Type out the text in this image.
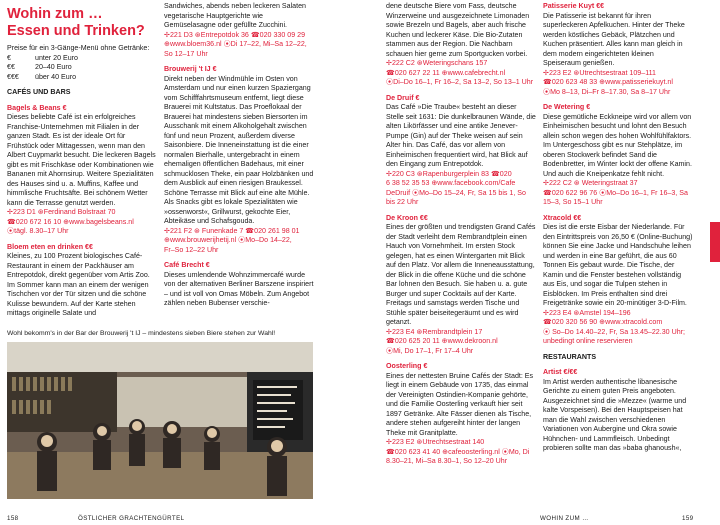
Wohin zum …
Essen und Trinken?

Preise für ein 3-Gänge-Menü ohne Getränke:

€	unter 20 Euro
€€	20–40 Euro
€€€	über 40 Euro

CAFÉS UND BARS

Bagels & Beans €

Dieses beliebte Café ist ein erfolgreiches Franchise-Unternehmen mit Filialen in der ganzen Stadt. Es ist der ideale Ort für Frühstück oder Mittagessen, wenn man den Albert Cuypmarkt besucht. Die leckeren Bagels gibt es mit Frischkäse oder Kombinationen wie Bananen mit Ahornsirup. Weitere Spezialitäten des Hauses sind u. a. Muffins, Kaffee und himmlische Fruchtsäfte. Bei schönem Wetter kann die Terrasse genutzt werden.

✢223 D1 ⊛Ferdinand Bolstraat 70

☎020 672 16 10 ⊕www.bagelsbeans.nl

⦿tägl. 8.30–17 Uhr

Bloem eten en drinken €€

Kleines, zu 100 Prozent biologisches Café-Restaurant in einem der Packhäuser am Entrepotdok, direkt gegenüber vom Artis Zoo. Im Sommer kann man an einem der wenigen Tischchen vor der Tür sitzen und die schöne Kulisse bewundern. Auf der Karte stehen mittags originelle Salate und

Sandwiches, abends neben leckeren Salaten vegetarische Hauptgerichte wie Gemüselasagne oder gefüllte Zucchini.

✢221 D3 ⊛Entrepotdok 36 ☎020 330 09 29

⊕www.bloem36.nl ⦿Di 17–22, Mi–Sa 12–22,

So 12–17 Uhr

Brouwerij 't IJ €

Direkt neben der Windmühle im Osten von Amsterdam und nur einen kurzen Spaziergang vom Schifffahrtsmuseum entfernt, liegt diese Brauerei mit Kultstatus. Das Proeflokaal der Brauerei hat mindestens sieben Biersorten im Ausschank mit einem Alkoholgehalt zwischen fünf und neun Prozent, außerdem diverse Saisonbiere. Die Inneneinstattung ist die einer normalen Bierhalle, untergebracht in einem ehemaligen öffentlichen Badehaus, mit einer schmucklosen Theke, ein paar Holzbänken und dem Ausblick auf einen riesigen Braukessel. Schöne Terrasse mit Blick auf eine alte Mühle. Als Snacks gibt es lokale Spezialitäten wie »ossenworst«, Grillwurst, gekochte Eier, Abteikäse und Schafsgouda.

✢221 F2 ⊛ Funenkade 7 ☎020 261 98 01

⊕www.brouwerijhetij.nl ⦿Mo–Do 14–22,

Fr–So 12–22 Uhr

Café Brecht €

Dieses umlendende Wohnzimmercafé wurde von der alternativen Berliner Barszene inspiriert – und ist voll von Omas Möbeln. Zum Angebot zählen neben Bubenser verschie-

Wohl bekomm's in der Bar der Brouwerij 't IJ – mindestens sieben Biere stehen zur Wahl!

dene deutsche Biere vom Fass, deutsche Winzerweine und ausgezeichnete Limonaden sowie Brezeln und Bagels, aber auch frische Kuchen und leckerer Käse. Die Bio-Zutaten stammen aus der Region. Die Nachbarn schauen hier gerne zum Sportgucken vorbei.

✢222 C2 ⊛Weteringschans 157

☎020 627 22 11 ⊕www.cafebrecht.nl

⦿Di–Do 16–1, Fr 16–2, Sa 13–2, So 13–1 Uhr

De Druif €

Das Café »Die Traube« besteht an dieser Stelle seit 1631: Die dunkelbraunen Wände, die alten Likörfässer und eine antike Jenever-Pumpe (Gin) auf der Theke weisen auf sein Alter hin. Das Café, das vor allem von Einheimischen frequentiert wird, hat Blick auf den Eingang zum Entrepotdok.

✢220 C3 ⊛Rapenburgerplein 83 ☎020

6 38 52 35 53 ⊕www.facebook.com/Cafe

DeDruif ⦿Mo–Do 15–24, Fr, Sa 15 bis 1, So bis 22 Uhr

De Kroon €€

Eines der größten und trendigsten Grand Cafés der Stadt verleiht dem Rembrandtplein einen Hauch von Vornehmheit. Im ersten Stock gelegen, hat es einen Wintergarten mit Blick auf den Platz. Vor allem die Inneneausstattung, der Blick in die offene Küche und die schöne Bar lohnen den Besuch. Sie haben u. a. gute Burger und super Cocktails auf der Karte. Freitags und samstags werden Tische und Stühle später beiseitegeräumt und es wird getanzt.

✢223 E4 ⊛Rembrandtplein 17

☎020 625 20 11 ⊕www.dekroon.nl

⦿Mi, Do 17–1, Fr 17–4 Uhr

Oosterling €

Eines der nettesten Bruine Cafés der Stadt: Es liegt in einem Gebäude von 1735, das einmal der Vereinigten Ostindien-Kompanie gehörte, und die Familie Oosterling verkauft hier seit 1897 Getränke. Alte Fässer dienen als Tische, andere stehen aufgereiht hinter der langen Theke mit Granitplatte.

✢223 E2 ⊛Utrechtsestraat 140

☎020 623 41 40 ⊕cafeoosterling.nl ⦿Mo, Di

8.30–21, Mi–Sa 8.30–1, So 12–20 Uhr

Patisserie Kuyt €€

Die Patisserie ist bekannt für ihren superleckeren Apfelkuchen. Hinter der Theke werden köstliches Gebäck, Plätzchen und Kuchen präsentiert. Alles kann man gleich in dem modern eingerichteten kleinen Speiseraum genießen.

✢223 E2 ⊛Utrechtsestraat 109–111

☎020 623 48 33 ⊕www.patisseriekuyt.nl

⦿Mo 8–13, Di–Fr 8–17.30, Sa 8–17 Uhr

De Wetering €

Diese gemütliche Eckkneipe wird vor allem von Einheimischen besucht und lohnt den Besuch allein schon wegen des hohen Wohlfühlfaktors. Im Untergeschoss gibt es nur Stehplätze, im oberen Stockwerk befindet Sand die Bodenbretter, im Winter lockt der offene Kamin. Und auch die Kneipenkatze fehlt nicht.

✢222 C2 ⊛ Weteringstraat 37

☎020 622 96 76 ⦿Mo–Do 16–1, Fr 16–3, Sa

15–3, So 15–1 Uhr

Xtracold €€

Dies ist die erste Eisbar der Niederlande. Für den Eintrittspreis von 26,50 € (Online-Buchung) können Sie eine Jacke und Handschuhe leihen und werden in eine Bar geführt, die aus 60 Tonnen Eis gebaut wurde. Die Tische, der Kamin und die Fenster bestehen vollständig aus Eis, und sogar die Tulpen stehen in Eisblöcken. Im Preis enthalten sind drei Freigetränke sowie ein 20-minütiger 3-D-Film.

✢223 E4 ⊛Amstel 194–196

☎020 320 56 90 ⊕www.xtracold.com

⦿ So–Do 14.40–22, Fr, Sa 13.45–22.30 Uhr;

unbedingt online reservieren

RESTAURANTS

Artist €/€€

Im Artist werden authentische libanesische Gerichte zu einem guten Preis angeboten. Ausgezeichnet sind die »Mezze« (warme und kalte Vorspeisen). Bei den Hauptspeisen hat man die Wahl zwischen verschiedenen Variationen von Aubergine und Okra sowie Hühnchen- und Lammfleisch. Unbedingt probieren sollte man das »baba ghanoush«,

158	ÖSTLICHER GRACHTENGÜRTEL	WOHIN ZUM …	159
